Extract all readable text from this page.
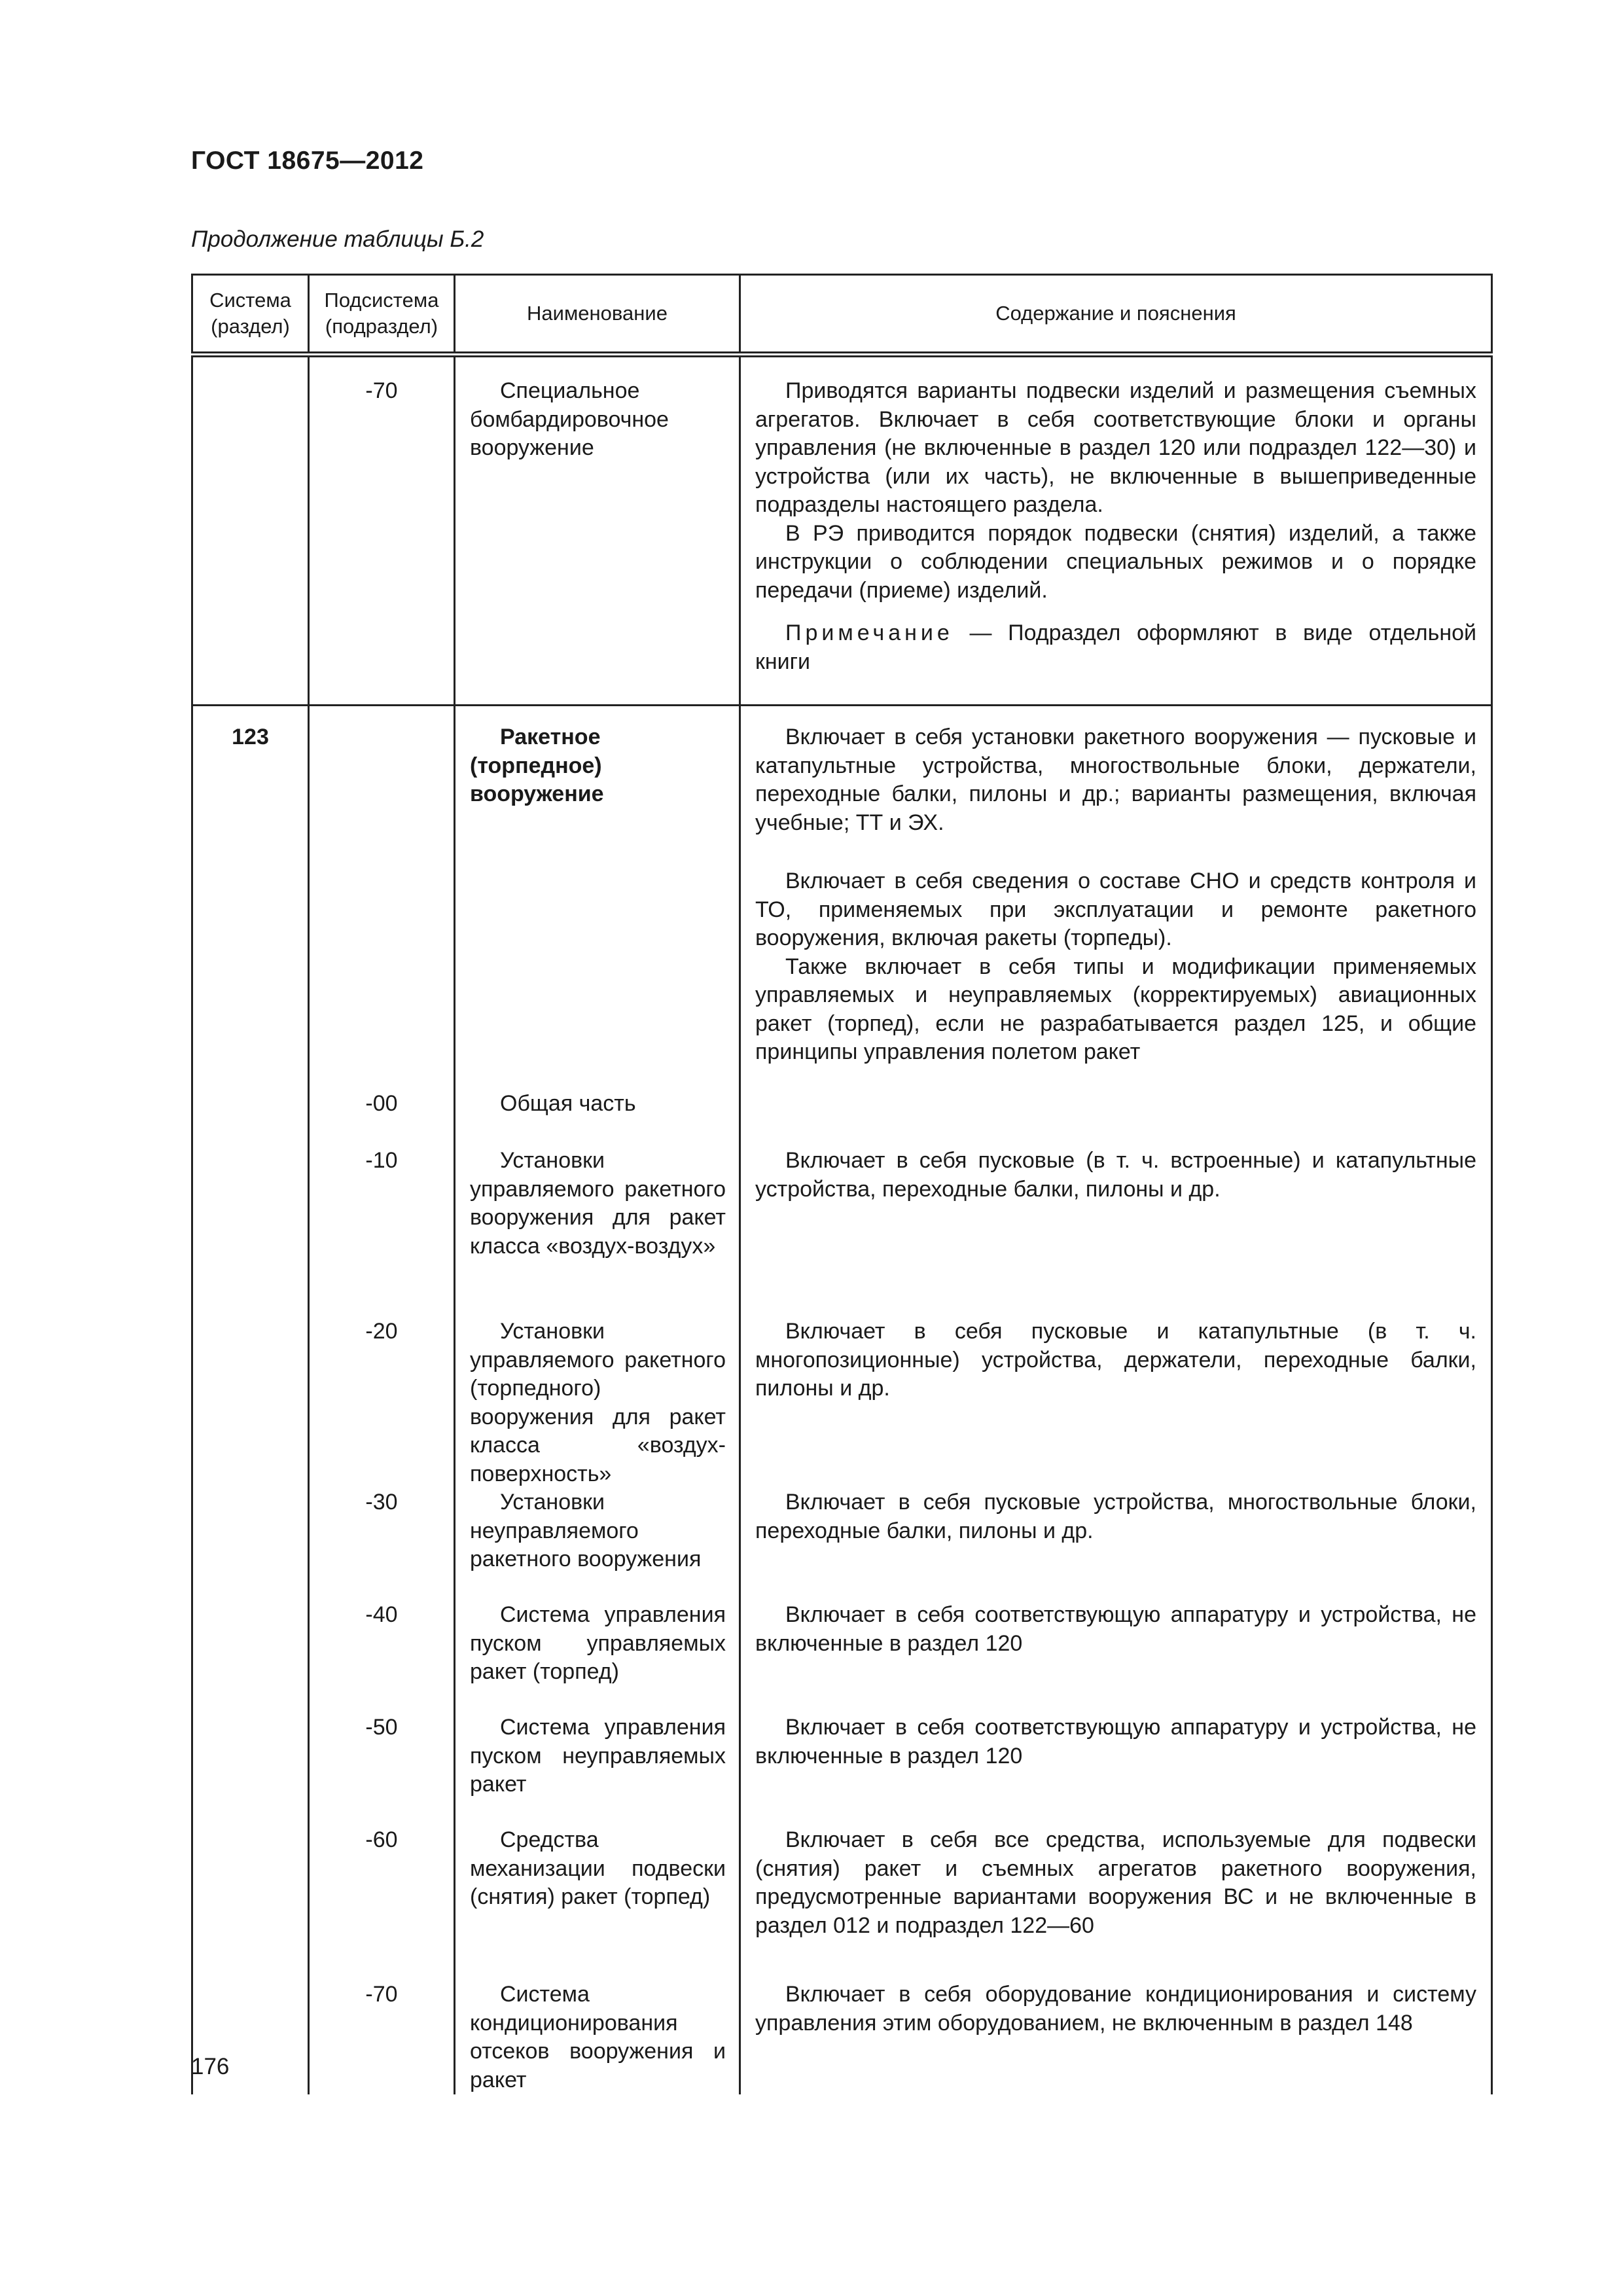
ГОСТ 18675—2012
Продолжение таблицы Б.2
Система (раздел)	Подсистема (подраздел)	Наименование	Содержание и пояснения
	-70	Специальное бомбардировочное вооружение	Приводятся варианты подвески изделий и размещения съемных агрегатов. Включает в себя соответствующие блоки и органы управления (не включенные в раздел 120 или подраздел 122—30) и устройства (или их часть), не включенные в вышеприведенные подразделы настоящего раздела.
В РЭ приводится порядок подвески (снятия) изделий, а также инструкции о соблюдении специальных режимов и о порядке передачи (приеме) изделий.
Примечание — Подраздел оформляют в виде отдельной книги

123		Ракетное (торпедное) вооружение	Включает в себя установки ракетного вооружения — пусковые и катапультные устройства, многоствольные блоки, держатели, переходные балки, пилоны и др.; варианты размещения, включая учебные; ТТ и ЭХ.
Включает в себя сведения о составе СНО и средств контроля и ТО, применяемых при эксплуатации и ремонте ракетного вооружения, включая ракеты (торпеды).
Также включает в себя типы и модификации применяемых управляемых и неуправляемых (корректируемых) авиационных ракет (торпед), если не разрабатывается раздел 125, и общие принципы управления полетом ракет

	-00	Общая часть	

	-10	Установки управляемого ракетного вооружения для ракет класса «воздух-воздух»	Включает в себя пусковые (в т. ч. встроенные) и катапультные устройства, переходные балки, пилоны и др.

	-20	Установки управляемого ракетного (торпедного) вооружения для ракет класса «воздух-поверхность»	Включает в себя пусковые и катапультные (в т. ч. многопозиционные) устройства, держатели, переходные балки, пилоны и др.

	-30	Установки неуправляемого ракетного вооружения	Включает в себя пусковые устройства, многоствольные блоки, переходные балки, пилоны и др.

	-40	Система управления пуском управляемых ракет (торпед)	Включает в себя соответствующую аппаратуру и устройства, не включенные в раздел 120

	-50	Система управления пуском неуправляемых ракет	Включает в себя соответствующую аппаратуру и устройства, не включенные в раздел 120

	-60	Средства механизации подвески (снятия) ракет (торпед)	Включает в себя все средства, используемые для подвески (снятия) ракет и съемных агрегатов ракетного вооружения, предусмотренные вариантами вооружения ВС и не включенные в раздел 012 и подраздел 122—60

	-70	Система кондиционирования отсеков вооружения и ракет	Включает в себя оборудование кондиционирования и систему управления этим оборудованием, не включенным в раздел 148
176
